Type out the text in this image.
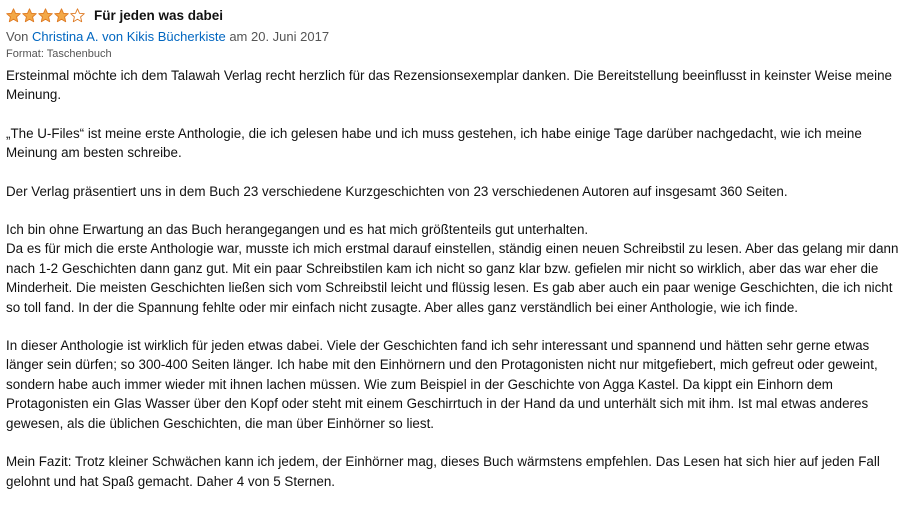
Für jeden was dabei
Von Christina A. von Kikis Bücherkiste am 20. Juni 2017
Format: Taschenbuch

Ersteinmal möchte ich dem Talawah Verlag recht herzlich für das Rezensionsexemplar danken. Die Bereitstellung beeinflusst in keinster Weise meine Meinung.

„The U-Files“ ist meine erste Anthologie, die ich gelesen habe und ich muss gestehen, ich habe einige Tage darüber nachgedacht, wie ich meine Meinung am besten schreibe.

Der Verlag präsentiert uns in dem Buch 23 verschiedene Kurzgeschichten von 23 verschiedenen Autoren auf insgesamt 360 Seiten.

Ich bin ohne Erwartung an das Buch herangegangen und es hat mich größtenteils gut unterhalten.

Da es für mich die erste Anthologie war, musste ich mich erstmal darauf einstellen, ständig einen neuen Schreibstil zu lesen. Aber das gelang mir dann nach 1-2 Geschichten dann ganz gut. Mit ein paar Schreibstilen kam ich nicht so ganz klar bzw. gefielen mir nicht so wirklich, aber das war eher die Minderheit. Die meisten Geschichten ließen sich vom Schreibstil leicht und flüssig lesen. Es gab aber auch ein paar wenige Geschichten, die ich nicht so toll fand. In der die Spannung fehlte oder mir einfach nicht zusagte. Aber alles ganz verständlich bei einer Anthologie, wie ich finde.

In dieser Anthologie ist wirklich für jeden etwas dabei. Viele der Geschichten fand ich sehr interessant und spannend und hätten sehr gerne etwas länger sein dürfen; so 300-400 Seiten länger. Ich habe mit den Einhörnern und den Protagonisten nicht nur mitgefiebert, mich gefreut oder geweint, sondern habe auch immer wieder mit ihnen lachen müssen. Wie zum Beispiel in der Geschichte von Agga Kastel. Da kippt ein Einhorn dem Protagonisten ein Glas Wasser über den Kopf oder steht mit einem Geschirrtuch in der Hand da und unterhält sich mit ihm. Ist mal etwas anderes gewesen, als die üblichen Geschichten, die man über Einhörner so liest.

Mein Fazit: Trotz kleiner Schwächen kann ich jedem, der Einhörner mag, dieses Buch wärmstens empfehlen. Das Lesen hat sich hier auf jeden Fall gelohnt und hat Spaß gemacht. Daher 4 von 5 Sternen.
